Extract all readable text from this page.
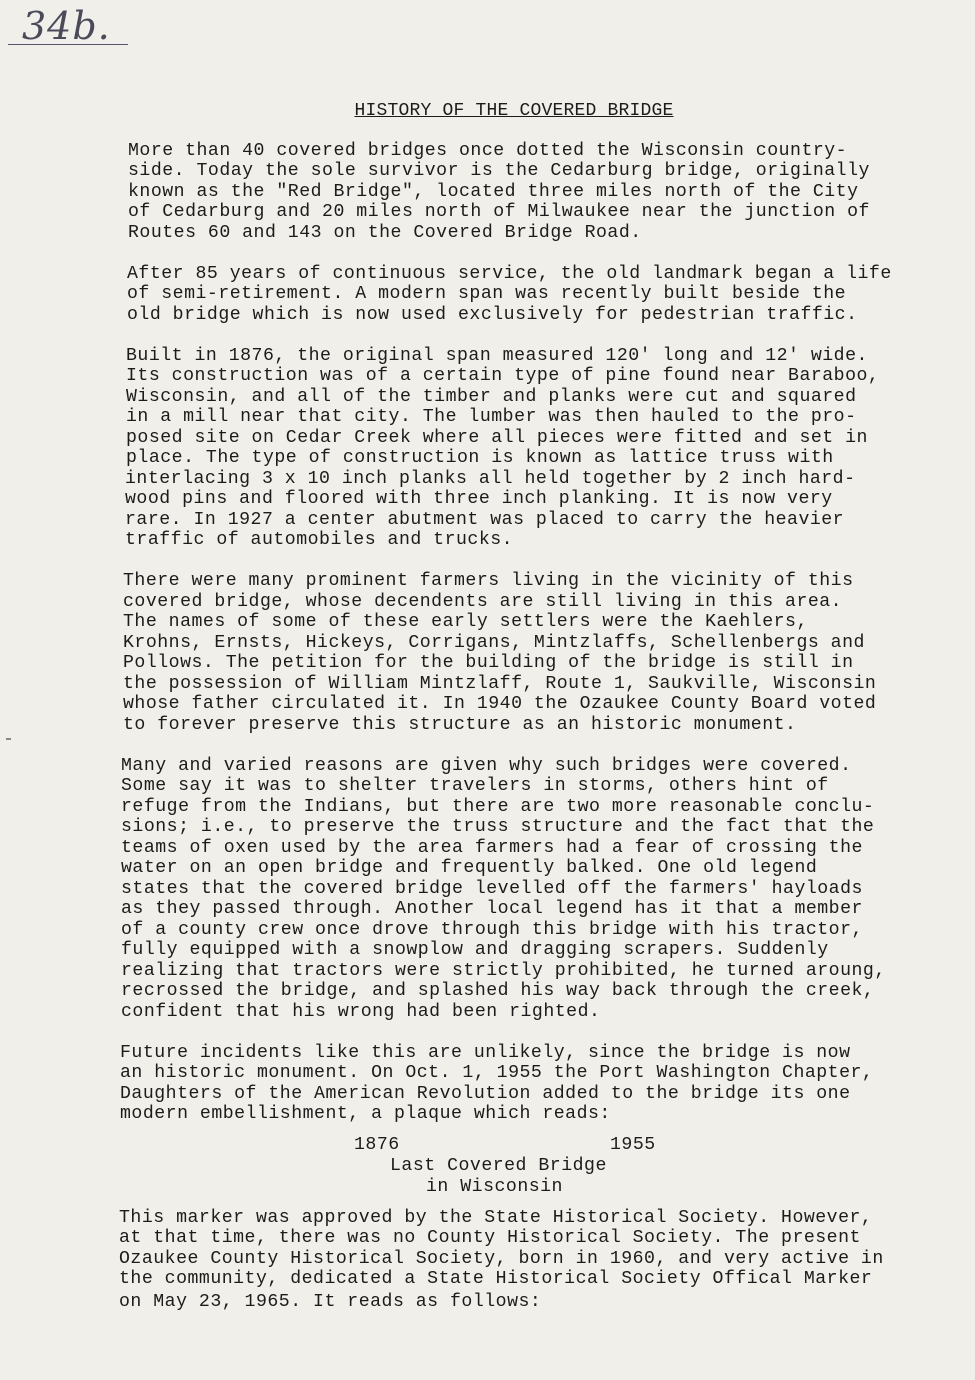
34b.
HISTORY OF THE COVERED BRIDGE
More than 40 covered bridges once dotted the Wisconsin country-
side. Today the sole survivor is the Cedarburg bridge, originally
known as the "Red Bridge", located three miles north of the City
of Cedarburg and 20 miles north of Milwaukee near the junction of
Routes 60 and 143 on the Covered Bridge Road.
After 85 years of continuous service, the old landmark began a life
of semi-retirement. A modern span was recently built beside the
old bridge which is now used exclusively for pedestrian traffic.
Built in 1876, the original span measured 120' long and 12' wide.
Its construction was of a certain type of pine found near Baraboo,
Wisconsin, and all of the timber and planks were cut and squared
in a mill near that city. The lumber was then hauled to the pro-
posed site on Cedar Creek where all pieces were fitted and set in
place. The type of construction is known as lattice truss with
interlacing 3 x 10 inch planks all held together by 2 inch hard-
wood pins and floored with three inch planking. It is now very
rare. In 1927 a center abutment was placed to carry the heavier
traffic of automobiles and trucks.
There were many prominent farmers living in the vicinity of this
covered bridge, whose decendents are still living in this area.
The names of some of these early settlers were the Kaehlers,
Krohns, Ernsts, Hickeys, Corrigans, Mintzlaffs, Schellenbergs and
Pollows. The petition for the building of the bridge is still in
the possession of William Mintzlaff, Route 1, Saukville, Wisconsin
whose father circulated it. In 1940 the Ozaukee County Board voted
to forever preserve this structure as an historic monument.
Many and varied reasons are given why such bridges were covered.
Some say it was to shelter travelers in storms, others hint of
refuge from the Indians, but there are two more reasonable conclu-
sions; i.e., to preserve the truss structure and the fact that the
teams of oxen used by the area farmers had a fear of crossing the
water on an open bridge and frequently balked. One old legend
states that the covered bridge levelled off the farmers' hayloads
as they passed through. Another local legend has it that a member
of a county crew once drove through this bridge with his tractor,
fully equipped with a snowplow and dragging scrapers. Suddenly
realizing that tractors were strictly prohibited, he turned aroung,
recrossed the bridge, and splashed his way back through the creek,
confident that his wrong had been righted.
Future incidents like this are unlikely, since the bridge is now
an historic monument. On Oct. 1, 1955 the Port Washington Chapter,
Daughters of the American Revolution added to the bridge its one
modern embellishment, a plaque which reads:
1876	1955
Last Covered Bridge
in Wisconsin
This marker was approved by the State Historical Society. However,
at that time, there was no County Historical Society. The present
Ozaukee County Historical Society, born in 1960, and very active in
the community, dedicated a State Historical Society Offical Marker
on May 23, 1965. It reads as follows:
